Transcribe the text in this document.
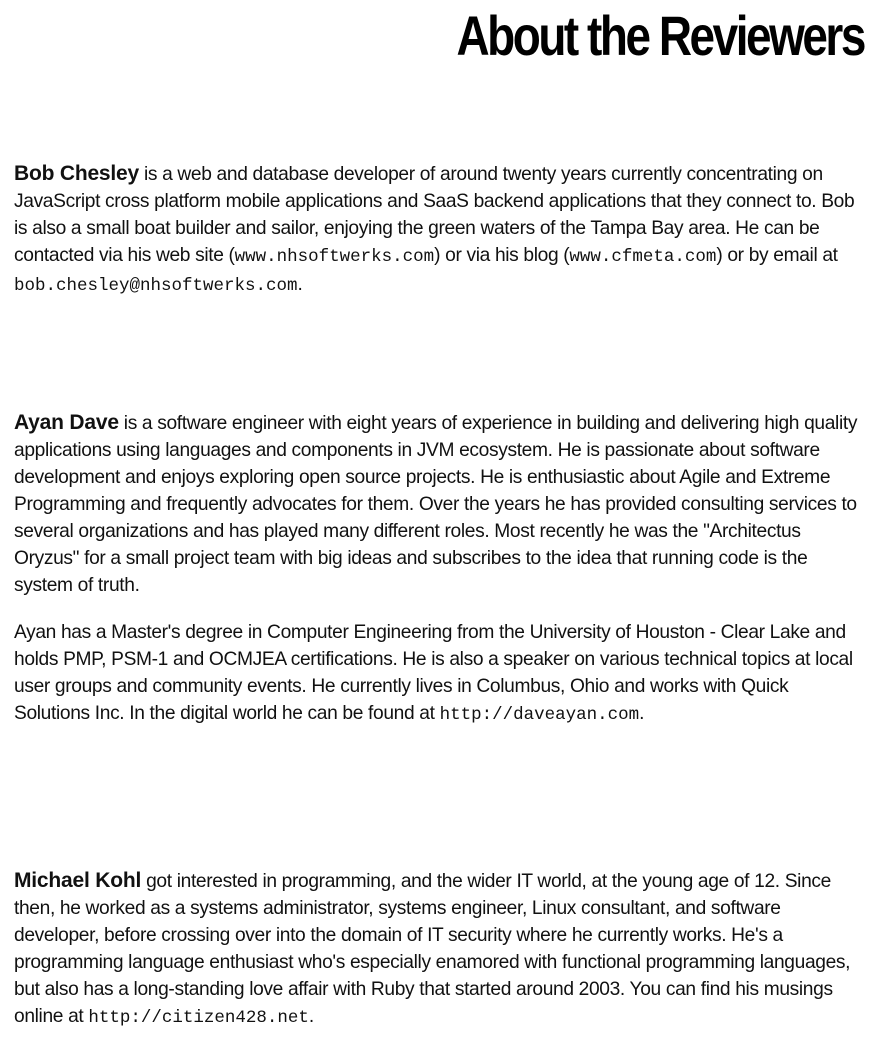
About the Reviewers

Bob Chesley is a web and database developer of around twenty years currently concentrating on JavaScript cross platform mobile applications and SaaS backend applications that they connect to. Bob is also a small boat builder and sailor, enjoying the green waters of the Tampa Bay area. He can be contacted via his web site (www.nhsoftwerks.com) or via his blog (www.cfmeta.com) or by email at bob.chesley@nhsoftwerks.com.

Ayan Dave is a software engineer with eight years of experience in building and delivering high quality applications using languages and components in JVM ecosystem. He is passionate about software development and enjoys exploring open source projects. He is enthusiastic about Agile and Extreme Programming and frequently advocates for them. Over the years he has provided consulting services to several organizations and has played many different roles. Most recently he was the "Architectus Oryzus" for a small project team with big ideas and subscribes to the idea that running code is the system of truth.

Ayan has a Master's degree in Computer Engineering from the University of Houston - Clear Lake and holds PMP, PSM-1 and OCMJEA certifications. He is also a speaker on various technical topics at local user groups and community events. He currently lives in Columbus, Ohio and works with Quick Solutions Inc. In the digital world he can be found at http://daveayan.com.

Michael Kohl got interested in programming, and the wider IT world, at the young age of 12. Since then, he worked as a systems administrator, systems engineer, Linux consultant, and software developer, before crossing over into the domain of IT security where he currently works. He's a programming language enthusiast who's especially enamored with functional programming languages, but also has a long-standing love affair with Ruby that started around 2003. You can find his musings online at http://citizen428.net.
